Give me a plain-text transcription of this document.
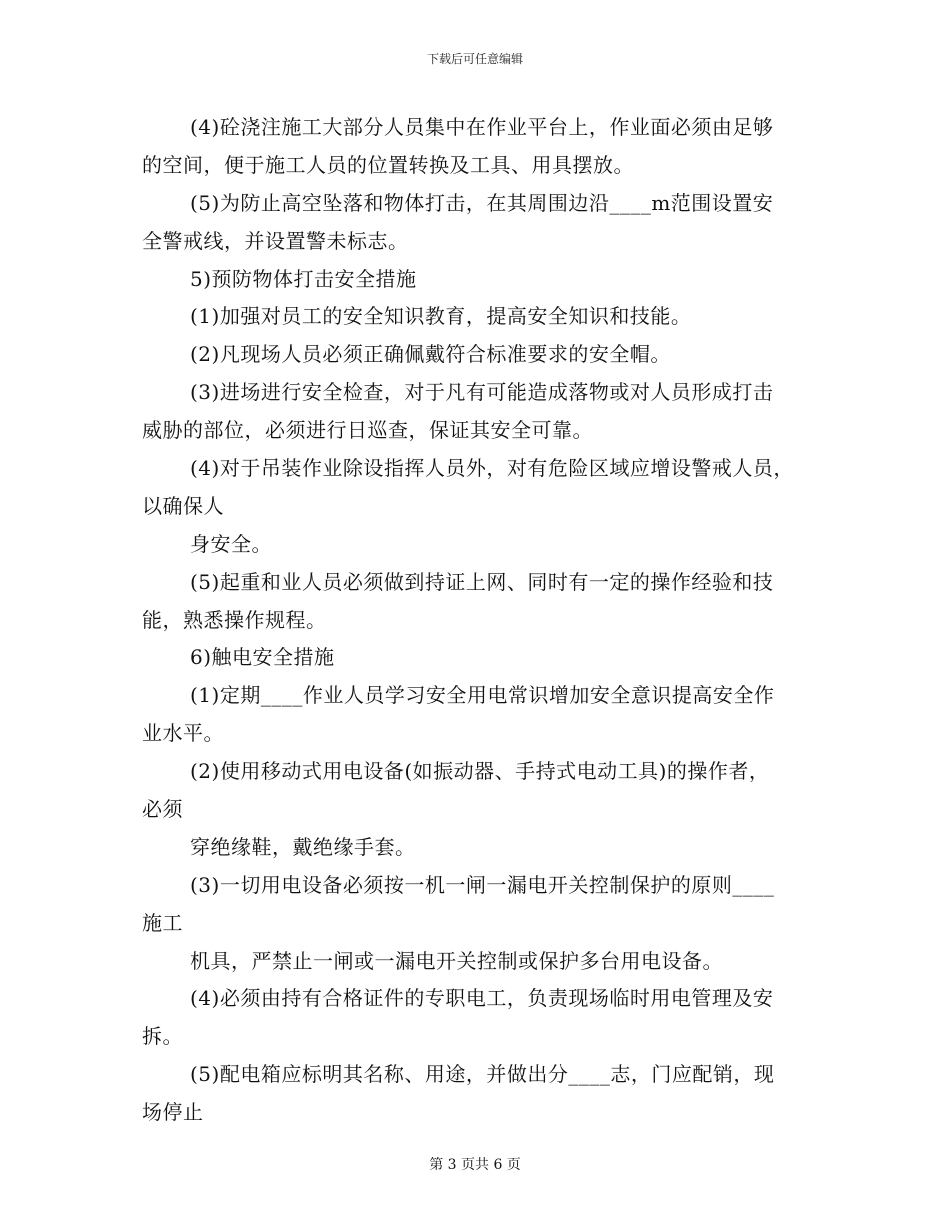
下载后可任意编辑
(4)砼浇注施工大部分人员集中在作业平台上，作业面必须由足够
的空间，便于施工人员的位置转换及工具、用具摆放。
(5)为防止高空坠落和物体打击，在其周围边沿____m范围设置安
全警戒线，并设置警未标志。
5)预防物体打击安全措施
(1)加强对员工的安全知识教育，提高安全知识和技能。
(2)凡现场人员必须正确佩戴符合标准要求的安全帽。
(3)进场进行安全检查，对于凡有可能造成落物或对人员形成打击
威胁的部位，必须进行日巡查，保证其安全可靠。
(4)对于吊装作业除设指挥人员外，对有危险区域应增设警戒人员，
以确保人
身安全。
(5)起重和业人员必须做到持证上网、同时有一定的操作经验和技
能，熟悉操作规程。
6)触电安全措施
(1)定期____作业人员学习安全用电常识增加安全意识提高安全作
业水平。
(2)使用移动式用电设备(如振动器、手持式电动工具)的操作者，
必须
穿绝缘鞋，戴绝缘手套。
(3)一切用电设备必须按一机一闸一漏电开关控制保护的原则____
施工
机具，严禁止一闸或一漏电开关控制或保护多台用电设备。
(4)必须由持有合格证件的专职电工，负责现场临时用电管理及安
拆。
(5)配电箱应标明其名称、用途，并做出分____志，门应配销，现
场停止
第 3 页共 6 页
